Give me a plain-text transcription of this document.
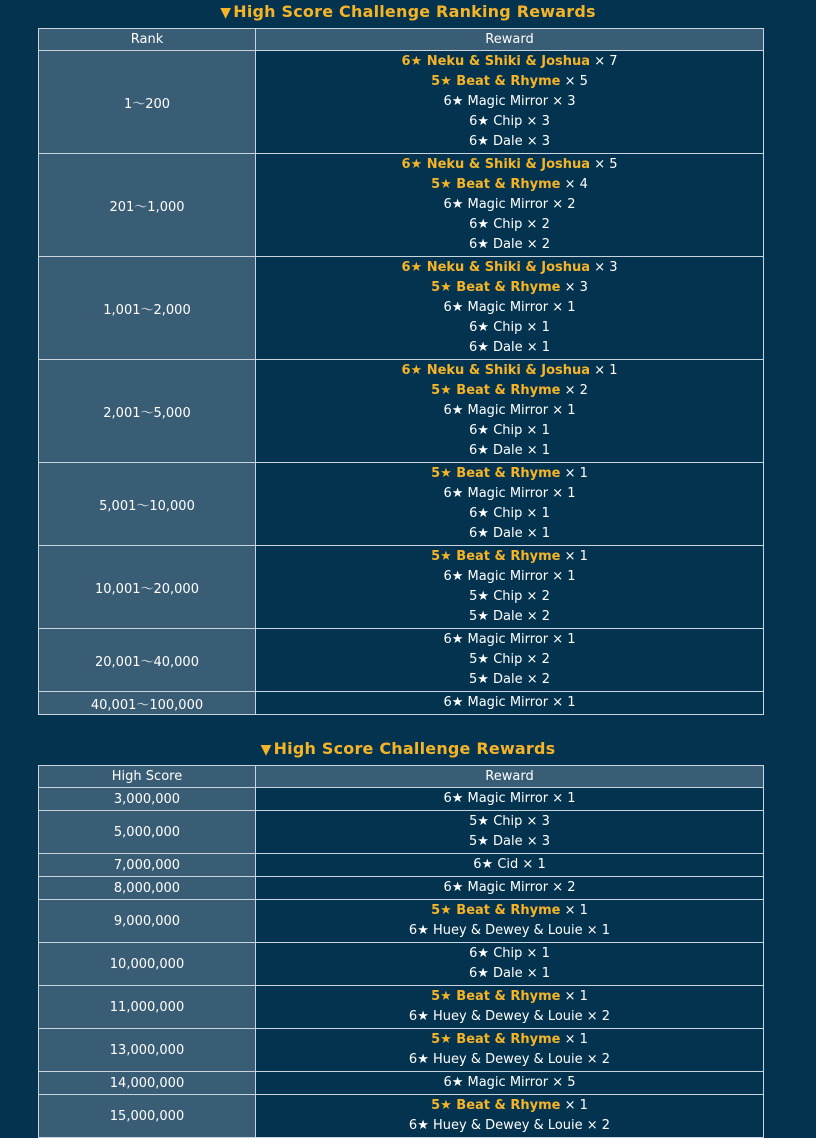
▼ High Score Challenge Ranking Rewards
Rank	Reward
1～200	6★ Neku & Shiki & Joshua × 7
5★ Beat & Rhyme × 5
6★ Magic Mirror × 3
6★ Chip × 3
6★ Dale × 3

201～1,000	6★ Neku & Shiki & Joshua × 5
5★ Beat & Rhyme × 4
6★ Magic Mirror × 2
6★ Chip × 2
6★ Dale × 2

1,001～2,000	6★ Neku & Shiki & Joshua × 3
5★ Beat & Rhyme × 3
6★ Magic Mirror × 1
6★ Chip × 1
6★ Dale × 1

2,001～5,000	6★ Neku & Shiki & Joshua × 1
5★ Beat & Rhyme × 2
6★ Magic Mirror × 1
6★ Chip × 1
6★ Dale × 1

5,001～10,000	5★ Beat & Rhyme × 1
6★ Magic Mirror × 1
6★ Chip × 1
6★ Dale × 1

10,001～20,000	5★ Beat & Rhyme × 1
6★ Magic Mirror × 1
5★ Chip × 2
5★ Dale × 2

20,001～40,000	6★ Magic Mirror × 1
5★ Chip × 2
5★ Dale × 2

40,001～100,000	6★ Magic Mirror × 1
▼ High Score Challenge Rewards
High Score	Reward
3,000,000	6★ Magic Mirror × 1

5,000,000	5★ Chip × 3
5★ Dale × 3

7,000,000	6★ Cid × 1

8,000,000	6★ Magic Mirror × 2

9,000,000	5★ Beat & Rhyme × 1
6★ Huey & Dewey & Louie × 1

10,000,000	6★ Chip × 1
6★ Dale × 1

11,000,000	5★ Beat & Rhyme × 1
6★ Huey & Dewey & Louie × 2

13,000,000	5★ Beat & Rhyme × 1
6★ Huey & Dewey & Louie × 2

14,000,000	6★ Magic Mirror × 5

15,000,000	5★ Beat & Rhyme × 1
6★ Huey & Dewey & Louie × 2
